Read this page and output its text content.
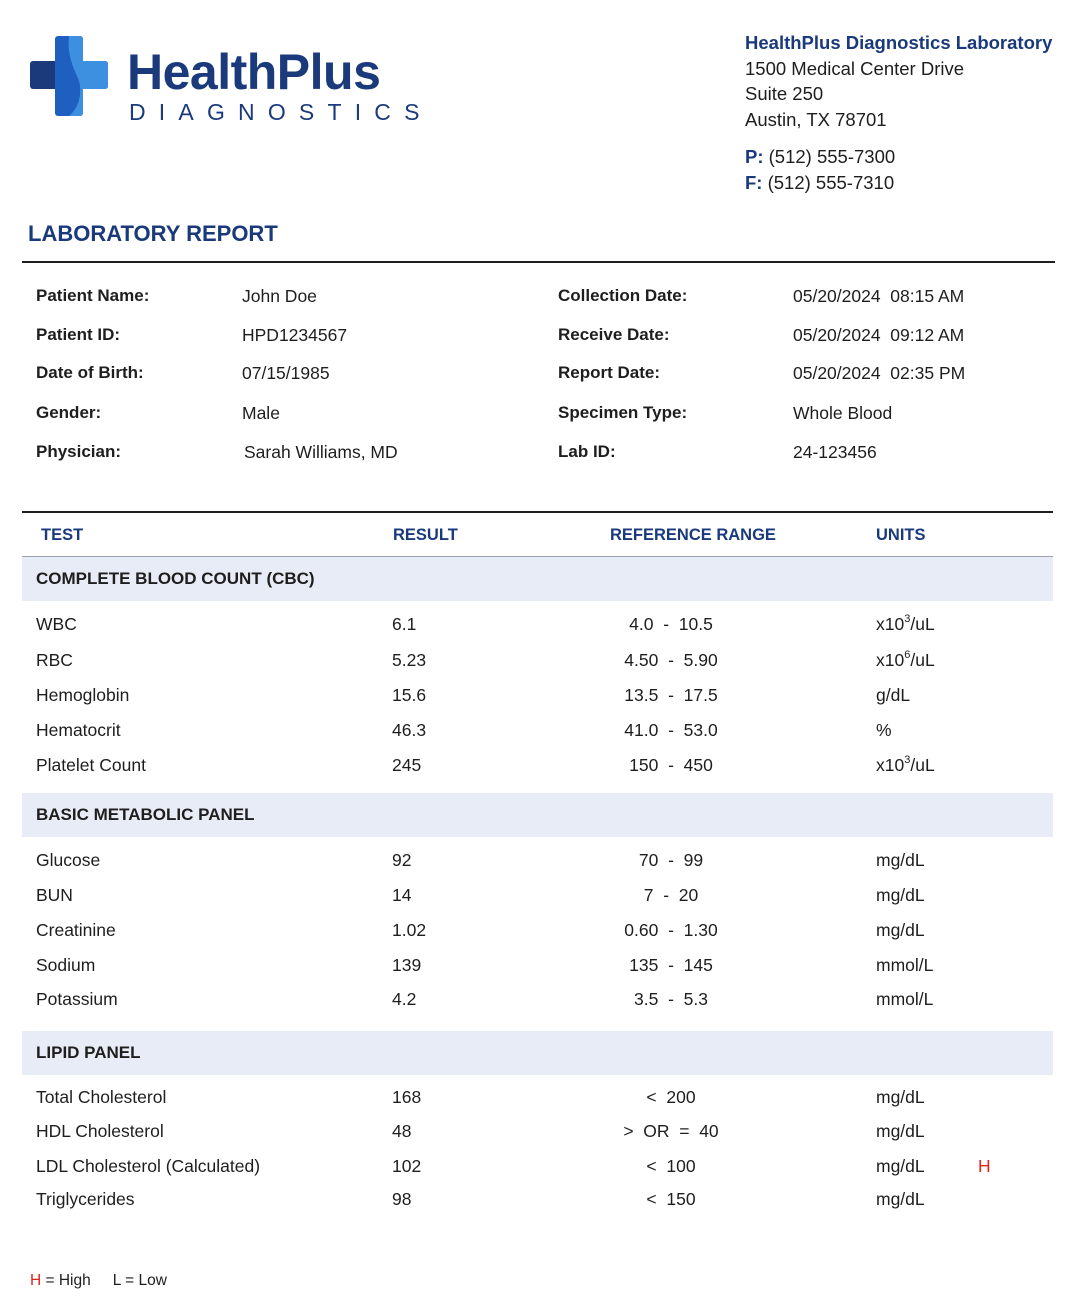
HealthPlus
DIAGNOSTICS
HealthPlus Diagnostics Laboratory
1500 Medical Center Drive
Suite 250
Austin, TX 78701
P: (512) 555-7300
F: (512) 555-7310
LABORATORY REPORT
Patient Name:	John Doe
Patient ID:	HPD1234567
Date of Birth:	07/15/1985
Gender:	Male
Physician:	Sarah Williams, MD
Collection Date:	05/20/2024  08:15 AM
Receive Date:	05/20/2024  09:12 AM
Report Date:	05/20/2024  02:35 PM
Specimen Type:	Whole Blood
Lab ID:	24-123456
TEST	RESULT	REFERENCE RANGE	UNITS
COMPLETE BLOOD COUNT (CBC)
WBC	6.1	4.0  -  10.5	$x10^3/uL$
RBC	5.23	4.50  -  5.90	$x10^6/uL$
Hemoglobin	15.6	13.5  -  17.5	g/dL
Hematocrit	46.3	41.0  -  53.0	%
Platelet Count	245	150  -  450	$x10^3/uL$
BASIC METABOLIC PANEL
Glucose	92	70  -  99	mg/dL
BUN	14	7  -  20	mg/dL
Creatinine	1.02	0.60  -  1.30	mg/dL
Sodium	139	135  -  145	mmol/L
Potassium	4.2	3.5  -  5.3	mmol/L
LIPID PANEL
Total Cholesterol	168	<  200	mg/dL
HDL Cholesterol	48	>  OR  =  40	mg/dL
LDL Cholesterol (Calculated)	102	<  100	mg/dL	H
Triglycerides	98	<  150	mg/dL
H = High L = Low
